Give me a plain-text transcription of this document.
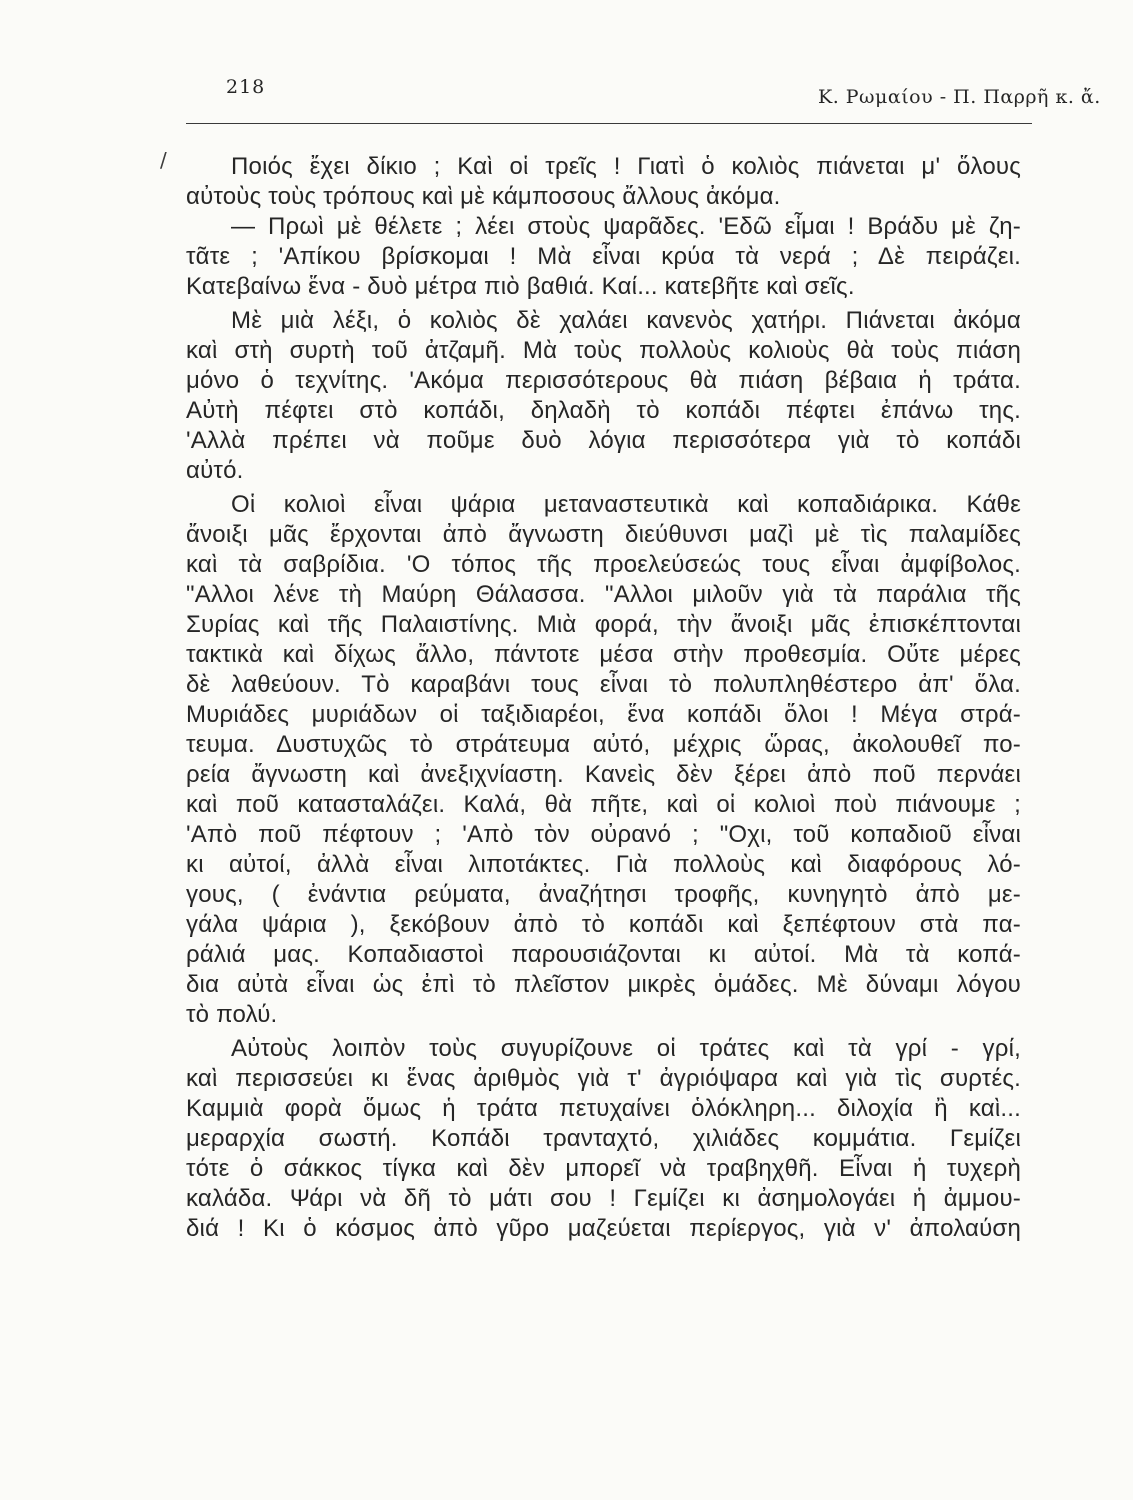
218	Κ. Ρωμαίου - Π. Παρρῆ κ. ἄ.
/	Ποιός ἔχει δίκιο ; Καὶ οἱ τρεῖς ! Γιατὶ ὁ κολιὸς πιάνεται μ' ὅλους
αὐτοὺς τοὺς τρόπους καὶ μὲ κάμποσους ἄλλους ἀκόμα.
— Πρωὶ μὲ θέλετε ; λέει στοὺς ψαρᾶδες. 'Εδῶ εἶμαι ! Βράδυ μὲ ζη-
τᾶτε ; 'Απίκου βρίσκομαι ! Μὰ εἶναι κρύα τὰ νερά ; Δὲ πειράζει.
Κατεβαίνω ἕνα - δυὸ μέτρα πιὸ βαθιά. Καί... κατεβῆτε καὶ σεῖς.
Μὲ μιὰ λέξι, ὁ κολιὸς δὲ χαλάει κανενὸς χατήρι. Πιάνεται ἀκόμα
καὶ στὴ συρτὴ τοῦ ἀτζαμῆ. Μὰ τοὺς πολλοὺς κολιοὺς θὰ τοὺς πιάση
μόνο ὁ τεχνίτης. 'Ακόμα περισσότερους θὰ πιάση βέβαια ἡ τράτα.
Αὐτὴ πέφτει στὸ κοπάδι, δηλαδὴ τὸ κοπάδι πέφτει ἐπάνω της.
'Αλλὰ πρέπει νὰ ποῦμε δυὸ λόγια περισσότερα γιὰ τὸ κοπάδι
αὐτό.
Οἱ κολιοὶ εἶναι ψάρια μεταναστευτικὰ καὶ κοπαδιάρικα. Κάθε
ἄνοιξι μᾶς ἔρχονται ἀπὸ ἄγνωστη διεύθυνσι μαζὶ μὲ τὶς παλαμίδες
καὶ τὰ σαβρίδια. 'Ο τόπος τῆς προελεύσεώς τους εἶναι ἀμφίβολος.
"Αλλοι λένε τὴ Μαύρη Θάλασσα. "Αλλοι μιλοῦν γιὰ τὰ παράλια τῆς
Συρίας καὶ τῆς Παλαιστίνης. Μιὰ φορά, τὴν ἄνοιξι μᾶς ἐπισκέπτονται
τακτικὰ καὶ δίχως ἄλλο, πάντοτε μέσα στὴν προθεσμία. Οὔτε μέρες
δὲ λαθεύουν. Τὸ καραβάνι τους εἶναι τὸ πολυπληθέστερο ἀπ' ὅλα.
Μυριάδες μυριάδων οἱ ταξιδιαρέοι, ἕνα κοπάδι ὅλοι ! Μέγα στρά-
τευμα. Δυστυχῶς τὸ στράτευμα αὐτό, μέχρις ὥρας, ἀκολουθεῖ πο-
ρεία ἄγνωστη καὶ ἀνεξιχνίαστη. Κανεὶς δὲν ξέρει ἀπὸ ποῦ περνάει
καὶ ποῦ κατασταλάζει. Καλά, θὰ πῆτε, καὶ οἱ κολιοὶ ποὺ πιάνουμε ;
'Απὸ ποῦ πέφτουν ; 'Απὸ τὸν οὐρανό ; "Οχι, τοῦ κοπαδιοῦ εἶναι
κι αὐτοί, ἀλλὰ εἶναι λιποτάκτες. Γιὰ πολλοὺς καὶ διαφόρους λό-
γους, ( ἐνάντια ρεύματα, ἀναζήτησι τροφῆς, κυνηγητὸ ἀπὸ με-
γάλα ψάρια ), ξεκόβουν ἀπὸ τὸ κοπάδι καὶ ξεπέφτουν στὰ πα-
ράλιά μας. Κοπαδιαστοὶ παρουσιάζονται κι αὐτοί. Μὰ τὰ κοπά-
δια αὐτὰ εἶναι ὡς ἐπὶ τὸ πλεῖστον μικρὲς ὁμάδες. Μὲ δύναμι λόγου
τὸ πολύ.
Αὐτοὺς λοιπὸν τοὺς συγυρίζουνε οἱ τράτες καὶ τὰ γρί - γρί,
καὶ περισσεύει κι ἕνας ἀριθμὸς γιὰ τ' ἀγριόψαρα καὶ γιὰ τὶς συρτές.
Καμμιὰ φορὰ ὅμως ἡ τράτα πετυχαίνει ὁλόκληρη... διλοχία ἢ καὶ...
μεραρχία σωστή. Κοπάδι τρανταχτό, χιλιάδες κομμάτια. Γεμίζει
τότε ὁ σάκκος τίγκα καὶ δὲν μπορεῖ νὰ τραβηχθῆ. Εἶναι ἡ τυχερὴ
καλάδα. Ψάρι νὰ δῆ τὸ μάτι σου ! Γεμίζει κι ἀσημολογάει ἡ ἀμμου-
διά ! Κι ὁ κόσμος ἀπὸ γῦρο μαζεύεται περίεργος, γιὰ ν' ἀπολαύση
